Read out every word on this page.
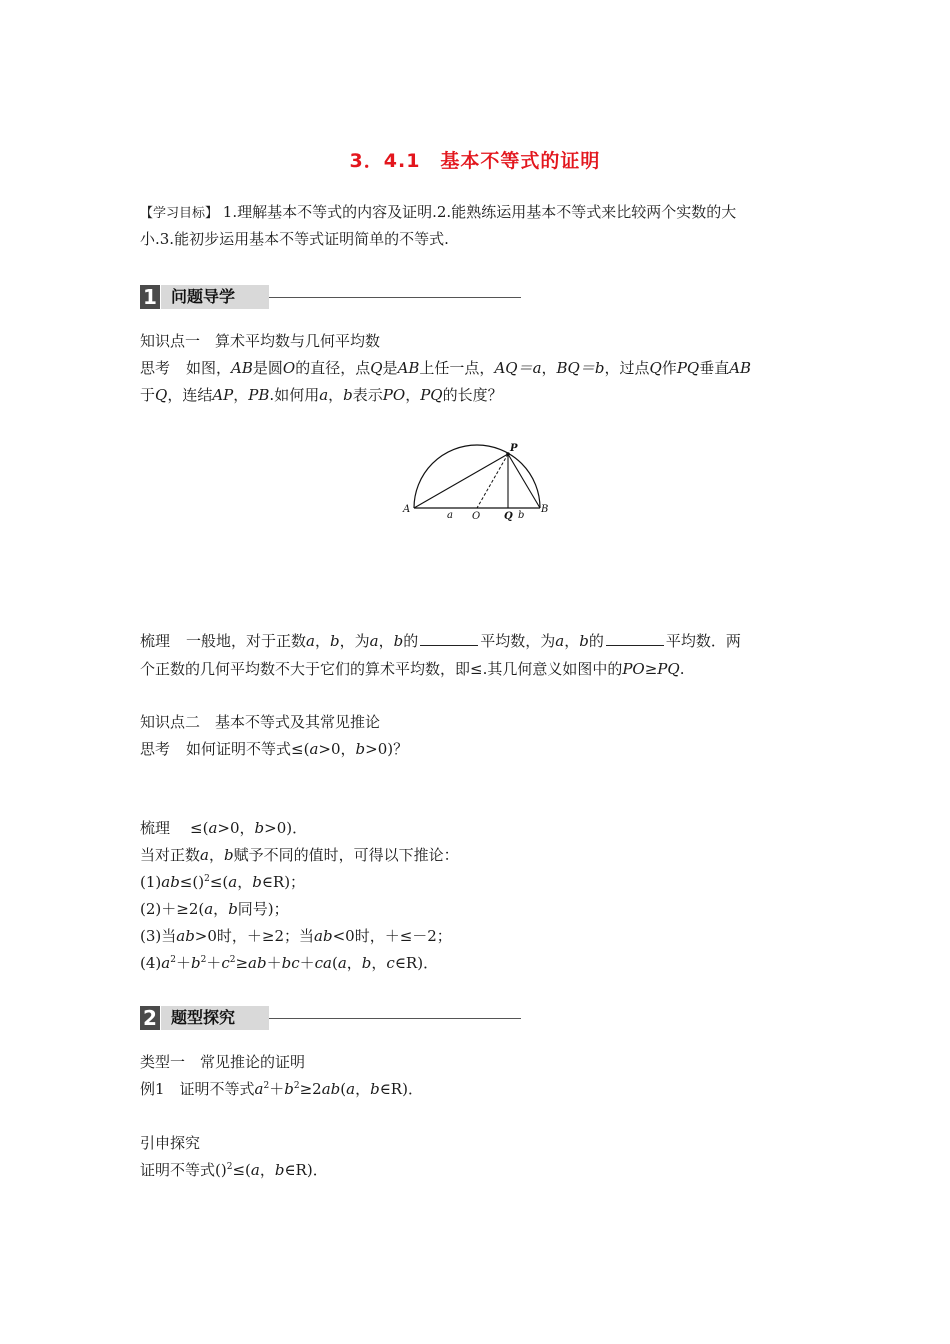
3．4.1　基本不等式的证明
【学习目标】 1.理解基本不等式的内容及证明.2.能熟练运用基本不等式来比较两个实数的大
小.3.能初步运用基本不等式证明简单的不等式.
1 问题导学
知识点一　算术平均数与几何平均数
思考 如图，AB是圆O的直径，点Q是AB上任一点，AQ＝a，BQ＝b，过点Q作PQ垂直AB
于Q，连结AP，PB.如何用a，b表示PO，PQ的长度？
P
A
a O Q b
B
梳理 一般地，对于正数a，b，为a，b的	平均数，为a，b的	平均数．两
个正数的几何平均数不大于它们的算术平均数，即≤.其几何意义如图中的PO≥PQ.
知识点二　基本不等式及其常见推论
思考 如何证明不等式≤(a>0，b>0)？
梳理 ≤(a>0，b>0)．
当对正数a，b赋予不同的值时，可得以下推论：
(1)ab≤()$^2$≤(a，b∈R)；
(2)＋≥2(a，b同号)；
(3)当ab>0时，＋≥2；当ab<0时，＋≤－2；
$(4)a^2+b^2+c^2\ge ab+bc+ca(a$，b，c∈R)．
2 题型探究
类型一　常见推论的证明
例1　证明不等式$a^2+b^2\ge 2ab(a$，b∈R)．
引申探究
证明不等式()$^2$≤(a，b∈R)．
